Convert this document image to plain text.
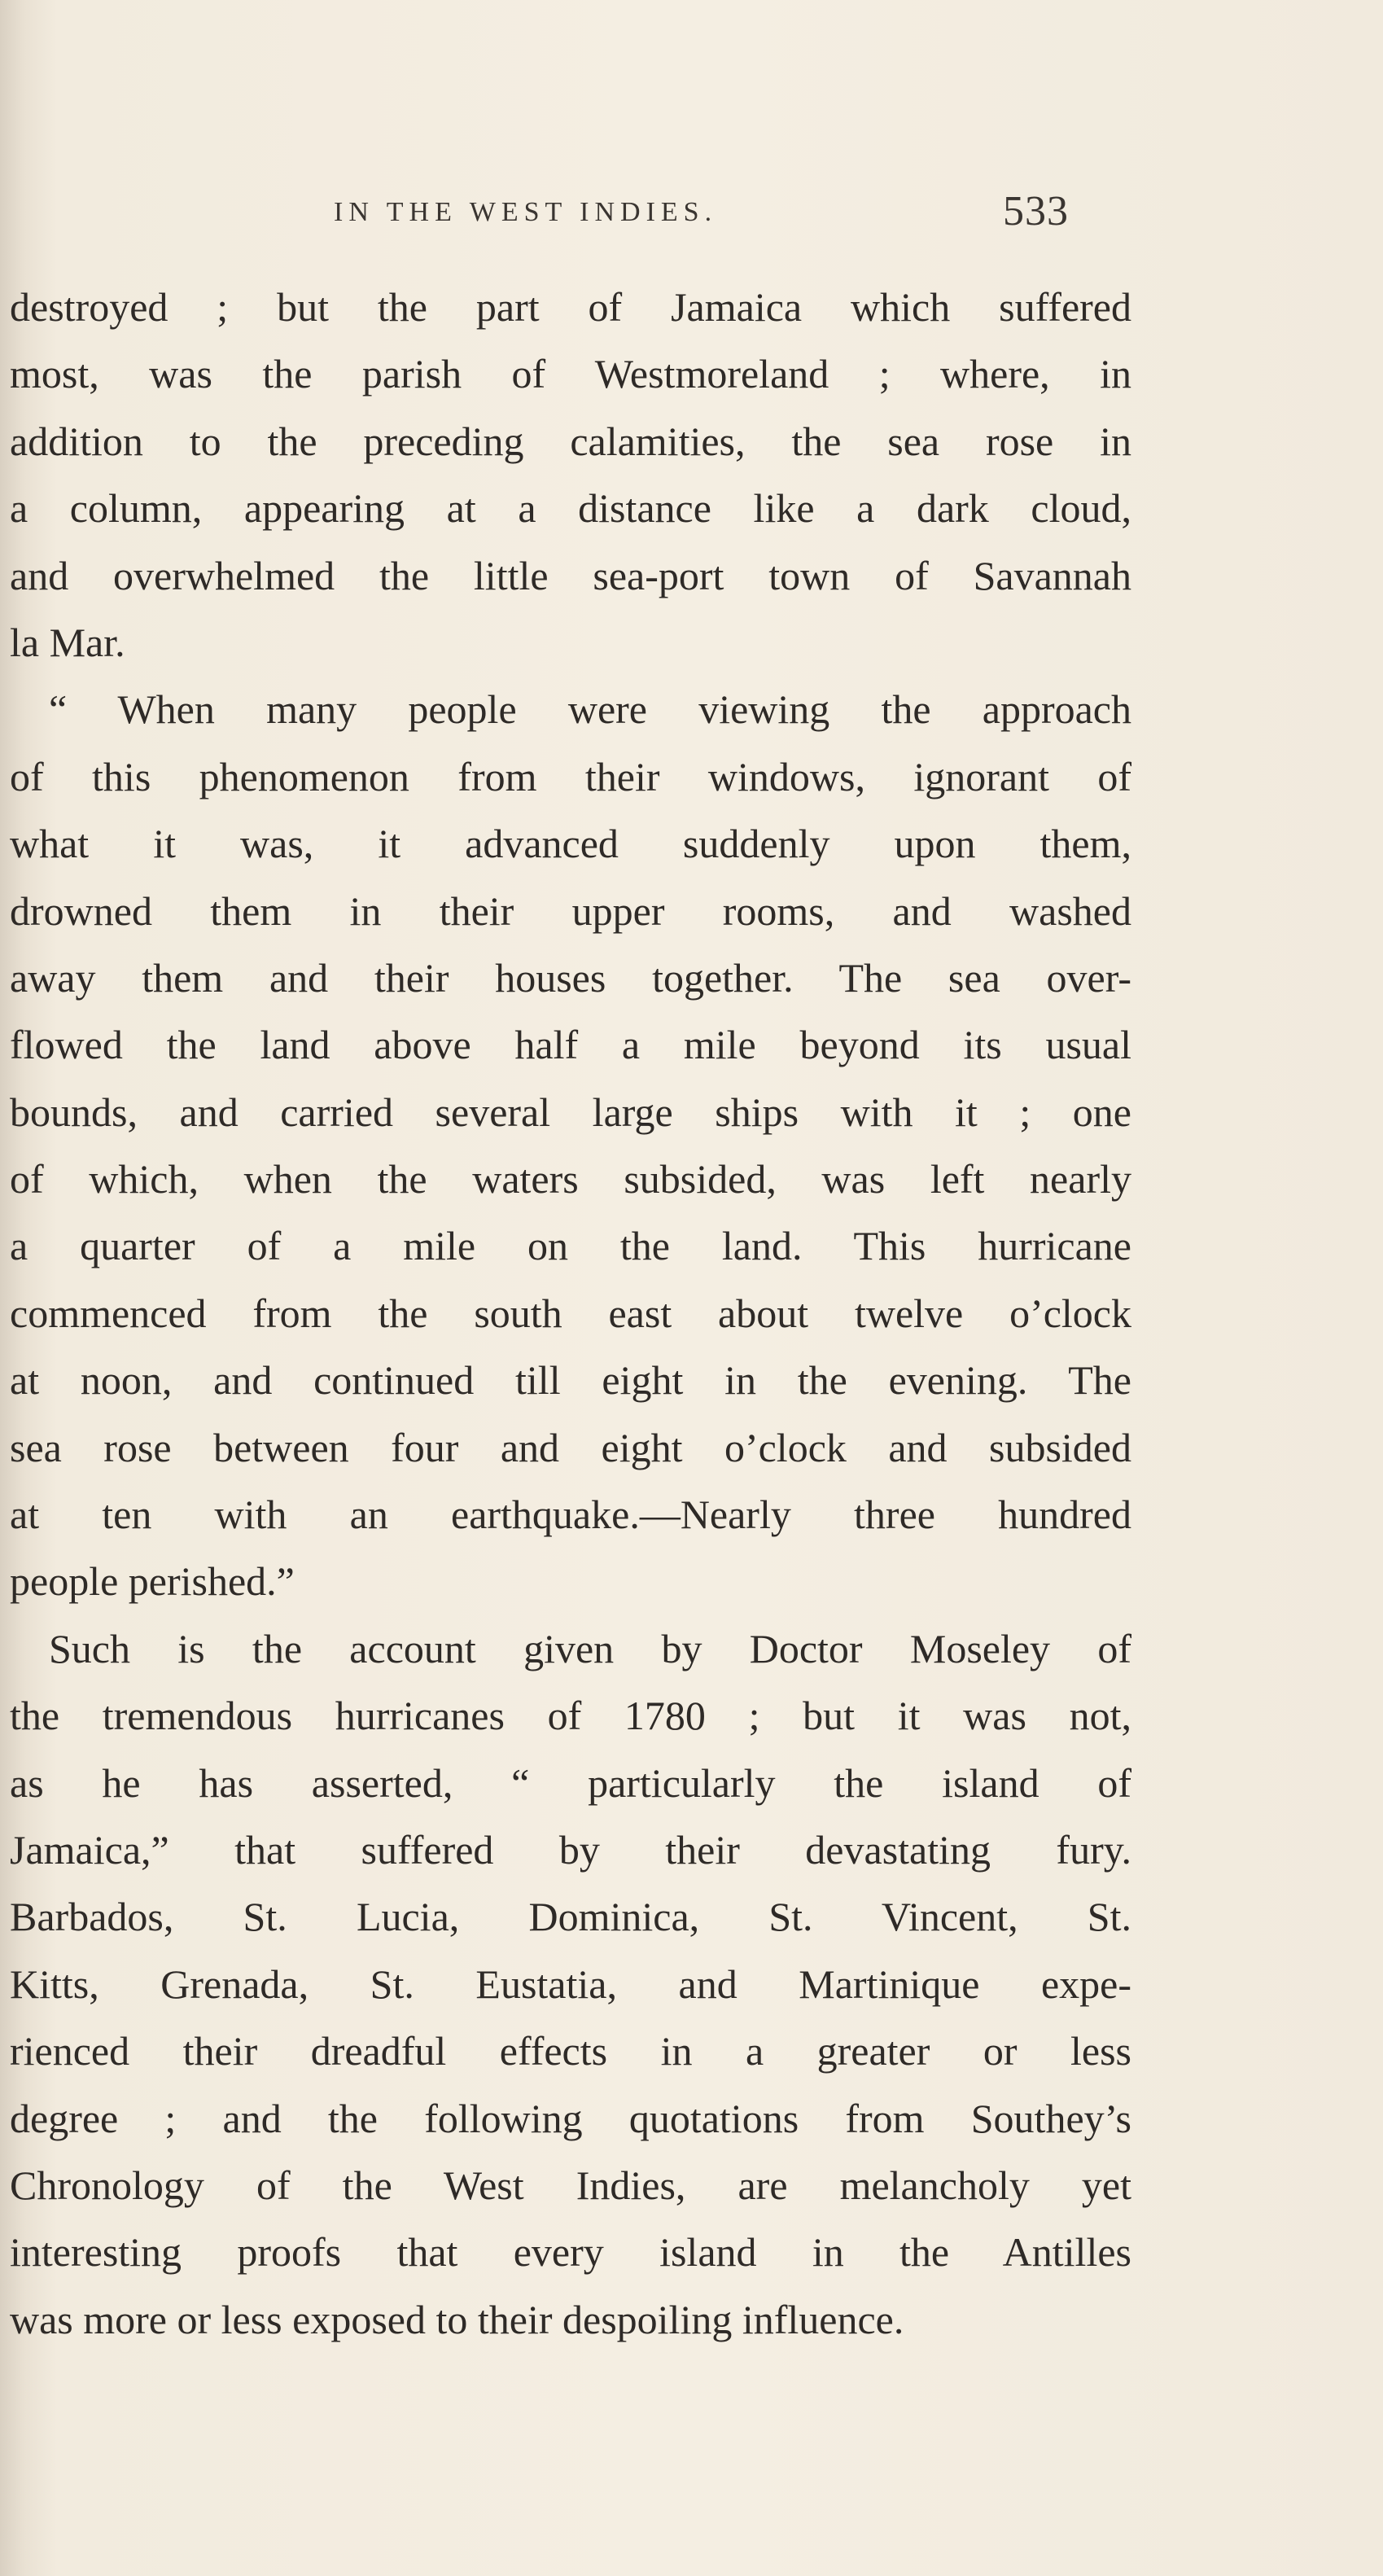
IN THE WEST INDIES.	533
destroyed ; but the part of Jamaica which suffered
most, was the parish of Westmoreland ; where, in
addition to the preceding calamities, the sea rose in
a column, appearing at a distance like a dark cloud,
and overwhelmed the little sea-port town of Savannah
la Mar.
“ When many people were viewing the approach
of this phenomenon from their windows, ignorant of
what it was, it advanced suddenly upon them,
drowned them in their upper rooms, and washed
away them and their houses together. The sea over-
flowed the land above half a mile beyond its usual
bounds, and carried several large ships with it ; one
of which, when the waters subsided, was left nearly
a quarter of a mile on the land. This hurricane
commenced from the south east about twelve o’clock
at noon, and continued till eight in the evening. The
sea rose between four and eight o’clock and subsided
at ten with an earthquake.—Nearly three hundred
people perished.”
Such is the account given by Doctor Moseley of
the tremendous hurricanes of 1780 ; but it was not,
as he has asserted, “ particularly the island of
Jamaica,” that suffered by their devastating fury.
Barbados, St. Lucia, Dominica, St. Vincent, St.
Kitts, Grenada, St. Eustatia, and Martinique expe-
rienced their dreadful effects in a greater or less
degree ; and the following quotations from Southey’s
Chronology of the West Indies, are melancholy yet
interesting proofs that every island in the Antilles
was more or less exposed to their despoiling influence.
